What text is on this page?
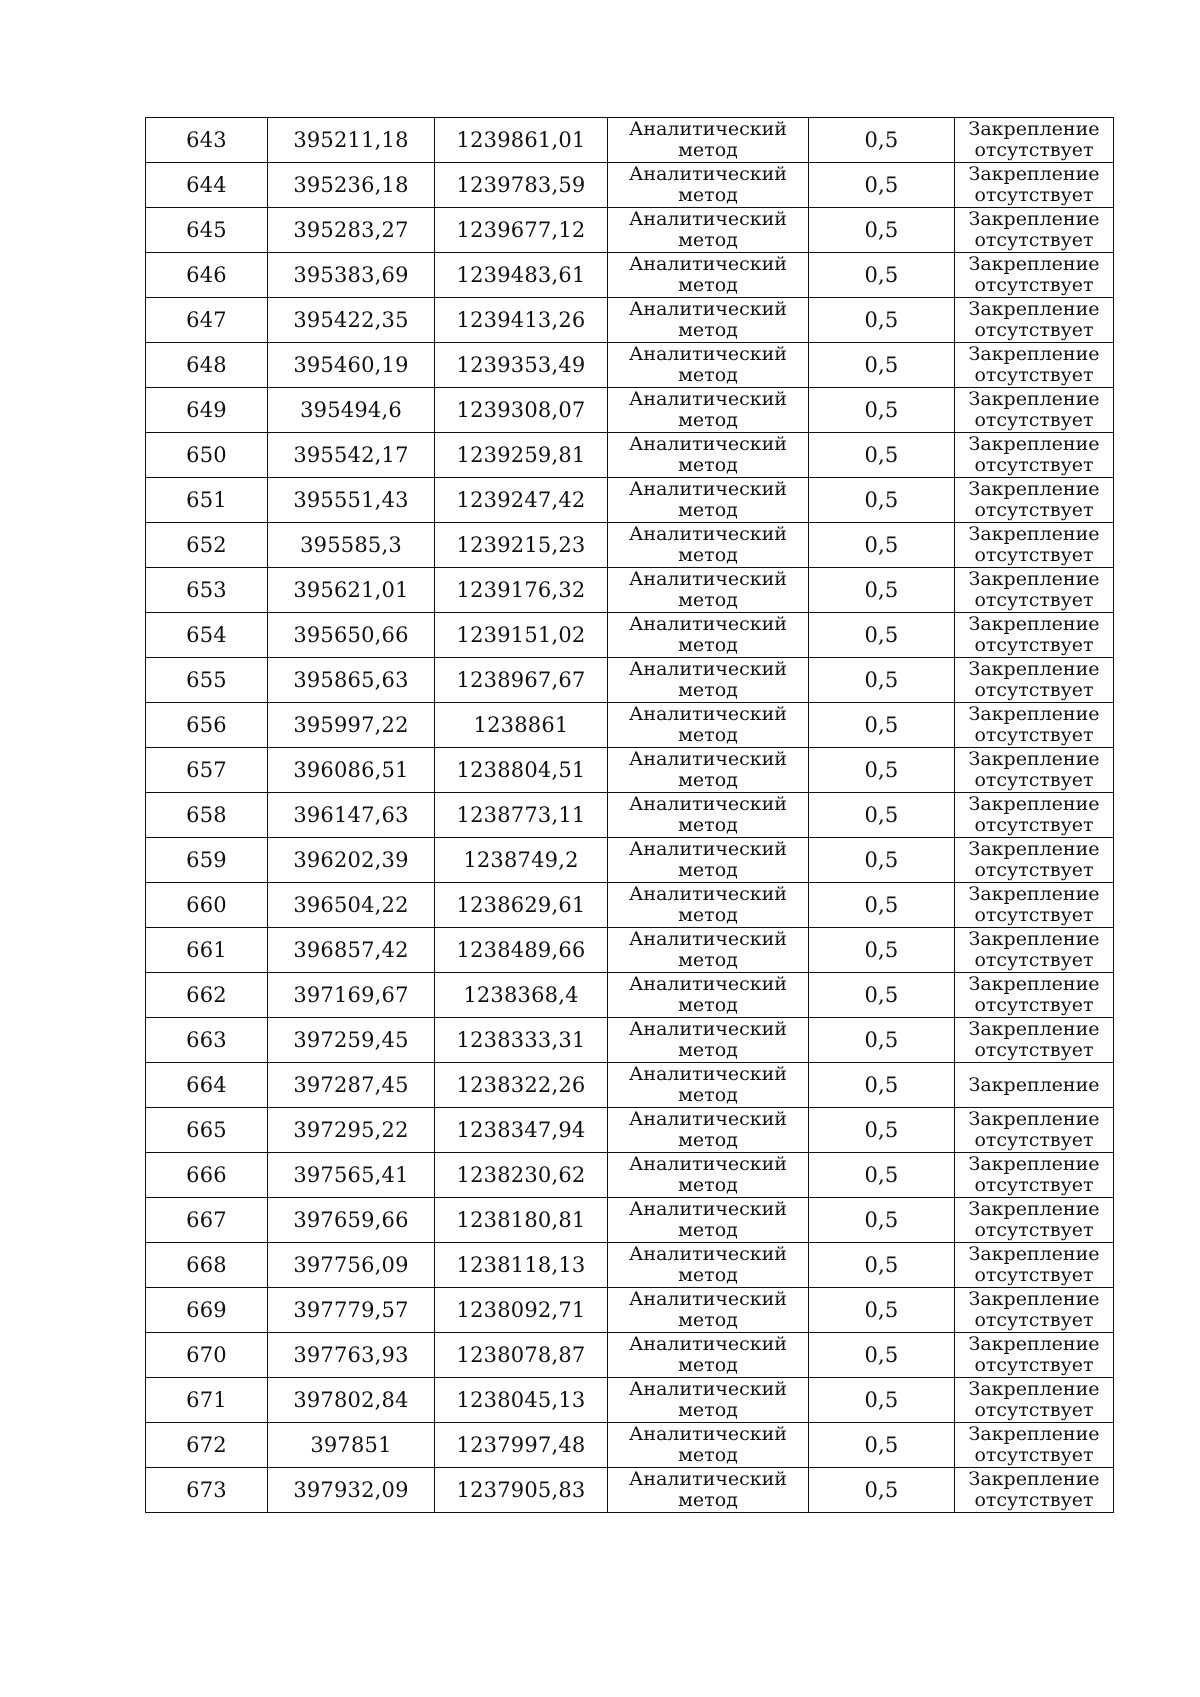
643	395211,18	1239861,01	Аналитический
метод	0,5	Закрепление
отсутствует

644	395236,18	1239783,59	Аналитический
метод	0,5	Закрепление
отсутствует

645	395283,27	1239677,12	Аналитический
метод	0,5	Закрепление
отсутствует

646	395383,69	1239483,61	Аналитический
метод	0,5	Закрепление
отсутствует

647	395422,35	1239413,26	Аналитический
метод	0,5	Закрепление
отсутствует

648	395460,19	1239353,49	Аналитический
метод	0,5	Закрепление
отсутствует

649	395494,6	1239308,07	Аналитический
метод	0,5	Закрепление
отсутствует

650	395542,17	1239259,81	Аналитический
метод	0,5	Закрепление
отсутствует

651	395551,43	1239247,42	Аналитический
метод	0,5	Закрепление
отсутствует

652	395585,3	1239215,23	Аналитический
метод	0,5	Закрепление
отсутствует

653	395621,01	1239176,32	Аналитический
метод	0,5	Закрепление
отсутствует

654	395650,66	1239151,02	Аналитический
метод	0,5	Закрепление
отсутствует

655	395865,63	1238967,67	Аналитический
метод	0,5	Закрепление
отсутствует

656	395997,22	1238861	Аналитический
метод	0,5	Закрепление
отсутствует

657	396086,51	1238804,51	Аналитический
метод	0,5	Закрепление
отсутствует

658	396147,63	1238773,11	Аналитический
метод	0,5	Закрепление
отсутствует

659	396202,39	1238749,2	Аналитический
метод	0,5	Закрепление
отсутствует

660	396504,22	1238629,61	Аналитический
метод	0,5	Закрепление
отсутствует

661	396857,42	1238489,66	Аналитический
метод	0,5	Закрепление
отсутствует

662	397169,67	1238368,4	Аналитический
метод	0,5	Закрепление
отсутствует

663	397259,45	1238333,31	Аналитический
метод	0,5	Закрепление
отсутствует

664	397287,45	1238322,26	Аналитический
метод	0,5	Закрепление

665	397295,22	1238347,94	Аналитический
метод	0,5	Закрепление
отсутствует

666	397565,41	1238230,62	Аналитический
метод	0,5	Закрепление
отсутствует

667	397659,66	1238180,81	Аналитический
метод	0,5	Закрепление
отсутствует

668	397756,09	1238118,13	Аналитический
метод	0,5	Закрепление
отсутствует

669	397779,57	1238092,71	Аналитический
метод	0,5	Закрепление
отсутствует

670	397763,93	1238078,87	Аналитический
метод	0,5	Закрепление
отсутствует

671	397802,84	1238045,13	Аналитический
метод	0,5	Закрепление
отсутствует

672	397851	1237997,48	Аналитический
метод	0,5	Закрепление
отсутствует

673	397932,09	1237905,83	Аналитический
метод	0,5	Закрепление
отсутствует
